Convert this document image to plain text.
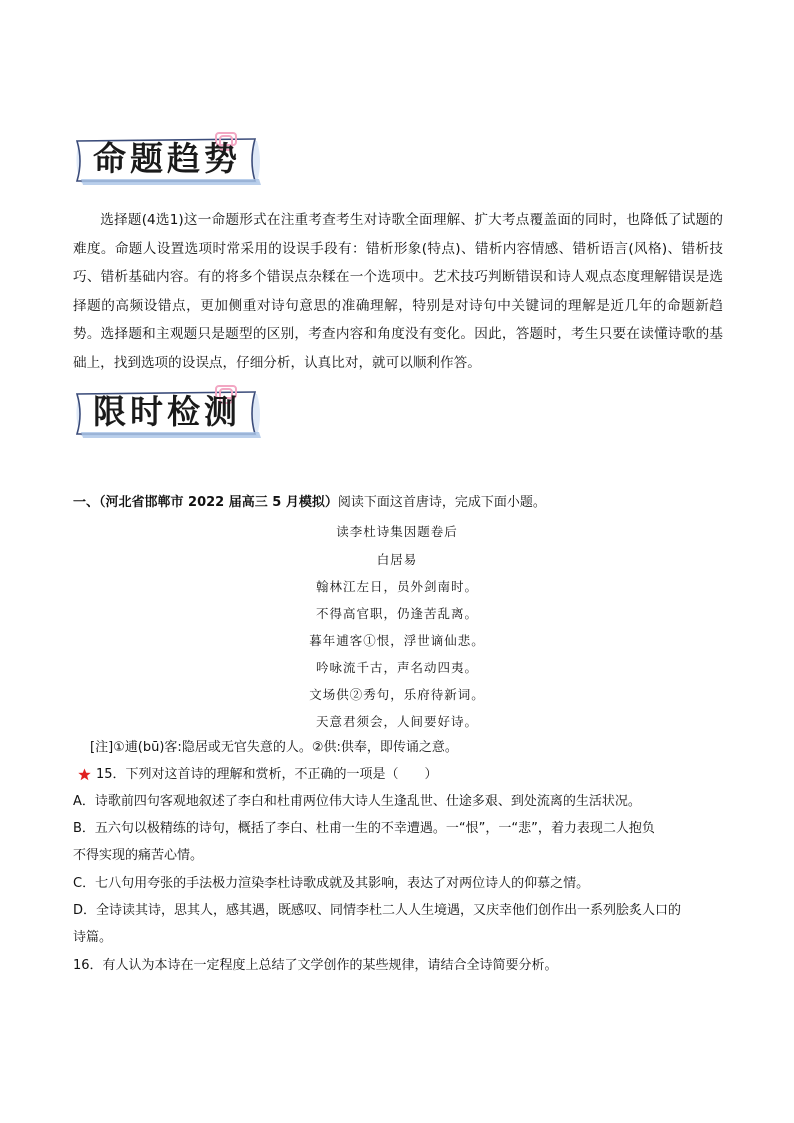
命题趋势
选择题(4选1)这一命题形式在注重考查考生对诗歌全面理解、扩大考点覆盖面的同时，也降低了试题的难度。命题人设置选项时常采用的设误手段有：错析形象(特点)、错析内容情感、错析语言(风格)、错析技巧、错析基础内容。有的将多个错误点杂糅在一个选项中。艺术技巧判断错误和诗人观点态度理解错误是选择题的高频设错点，更加侧重对诗句意思的准确理解，特别是对诗句中关键词的理解是近几年的命题新趋势。选择题和主观题只是题型的区别，考查内容和角度没有变化。因此，答题时，考生只要在读懂诗歌的基础上，找到选项的设误点，仔细分析，认真比对，就可以顺利作答。
限时检测
一、（河北省邯郸市 2022 届高三 5 月模拟）阅读下面这首唐诗，完成下面小题。
读李杜诗集因题卷后
白居易
翰林江左日，员外剑南时。
不得高官职，仍逢苦乱离。
暮年逋客①恨，浮世谪仙悲。
吟咏流千古，声名动四夷。
文场供②秀句，乐府待新词。
天意君须会，人间要好诗。
[注]①逋(bū)客:隐居或无官失意的人。②供:供奉，即传诵之意。
15．下列对这首诗的理解和赏析，不正确的一项是（　　）
A．诗歌前四句客观地叙述了李白和杜甫两位伟大诗人生逢乱世、仕途多艰、到处流离的生活状况。
B．五六句以极精练的诗句，概括了李白、杜甫一生的不幸遭遇。一“恨”，一“悲”，着力表现二人抱负
不得实现的痛苦心情。
C．七八句用夸张的手法极力渲染李杜诗歌成就及其影响，表达了对两位诗人的仰慕之情。
D．全诗读其诗，思其人，感其遇，既感叹、同情李杜二人人生境遇，又庆幸他们创作出一系列脍炙人口的
诗篇。
16．有人认为本诗在一定程度上总结了文学创作的某些规律，请结合全诗简要分析。
